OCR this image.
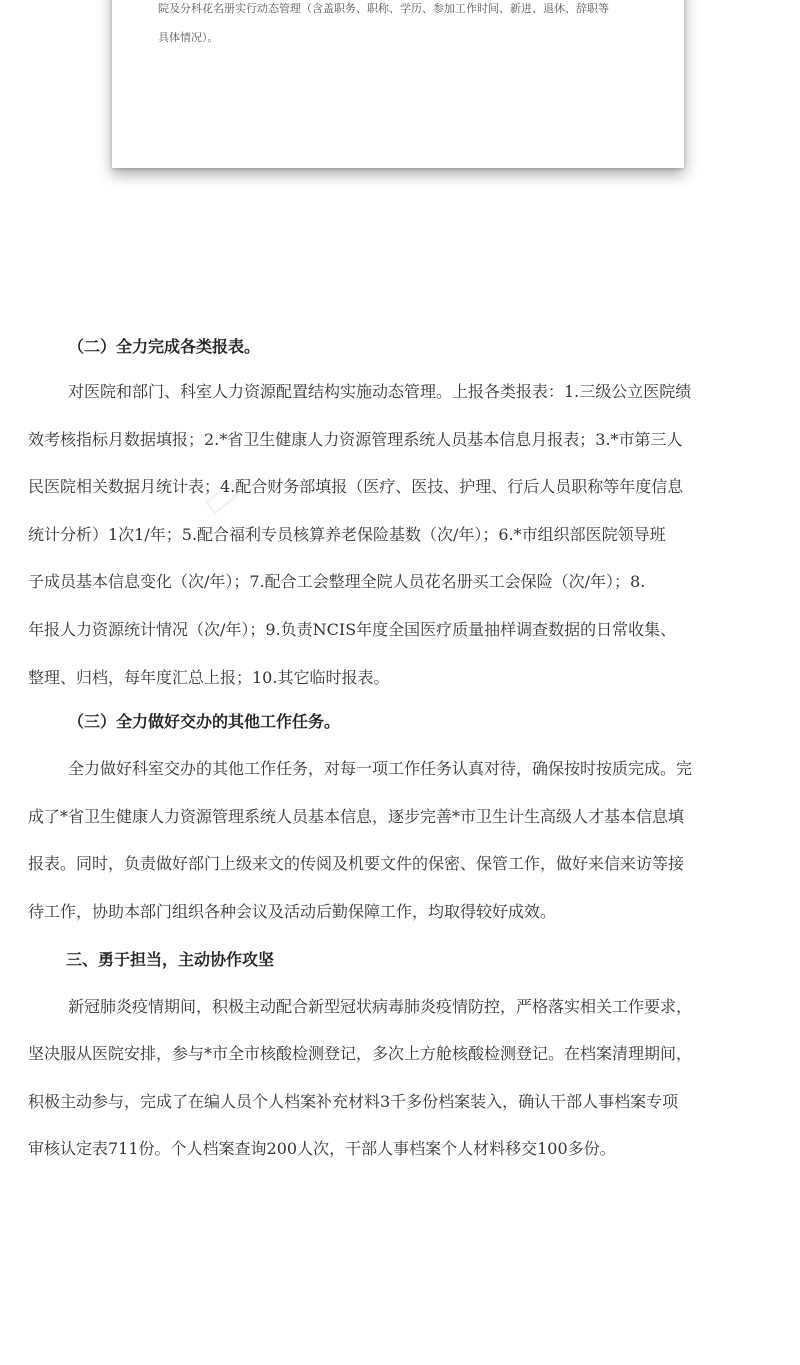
院及分科花名册实行动态管理（含盖职务、职称、学历、参加工作时间、新进、退休、辞职等
具体情况）。
▭

（二）全力完成各类报表。

对医院和部门、科室人力资源配置结构实施动态管理。上报各类报表：1.三级公立医院绩
效考核指标月数据填报；2.*省卫生健康人力资源管理系统人员基本信息月报表；3.*市第三人
民医院相关数据月统计表；4.配合财务部填报（医疗、医技、护理、行后人员职称等年度信息
统计分析）1次1/年；5.配合福利专员核算养老保险基数（次/年）；6.*市组织部医院领导班
子成员基本信息变化（次/年）；7.配合工会整理全院人员花名册买工会保险（次/年）；8.
年报人力资源统计情况（次/年）；9.负责NCIS年度全国医疗质量抽样调查数据的日常收集、
整理、归档，每年度汇总上报；10.其它临时报表。

（三）全力做好交办的其他工作任务。

全力做好科室交办的其他工作任务，对每一项工作任务认真对待，确保按时按质完成。完
成了*省卫生健康人力资源管理系统人员基本信息，逐步完善*市卫生计生高级人才基本信息填
报表。同时，负责做好部门上级来文的传阅及机要文件的保密、保管工作，做好来信来访等接
待工作，协助本部门组织各种会议及活动后勤保障工作，均取得较好成效。

三、勇于担当，主动协作攻坚

新冠肺炎疫情期间，积极主动配合新型冠状病毒肺炎疫情防控，严格落实相关工作要求，
坚决服从医院安排，参与*市全市核酸检测登记，多次上方舱核酸检测登记。在档案清理期间，
积极主动参与，完成了在编人员个人档案补充材料3千多份档案装入，确认干部人事档案专项
审核认定表711份。个人档案查询200人次，干部人事档案个人材料移交100多份。
